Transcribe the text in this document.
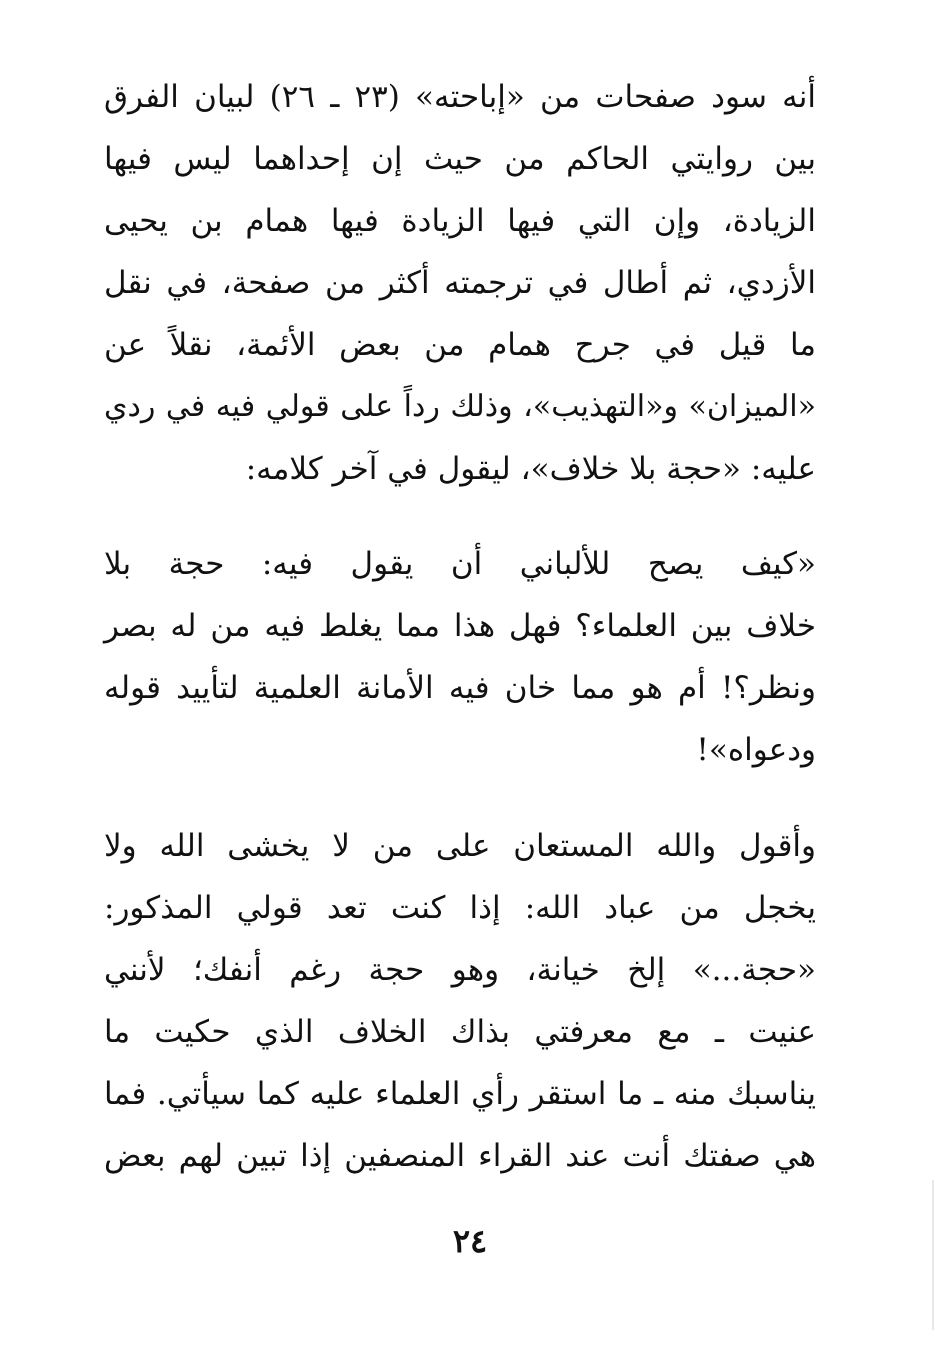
أنه سود صفحات من «إباحته» (٢٣ ـ ٢٦) لبيان الفرق
بين روايتي الحاكم من حيث إن إحداهما ليس فيها
الزيادة، وإن التي فيها الزيادة فيها همام بن يحيى
الأزدي، ثم أطال في ترجمته أكثر من صفحة، في نقل
ما قيل في جرح همام من بعض الأئمة، نقلاً عن
«الميزان» و«التهذيب»، وذلك رداً على قولي فيه في ردي
عليه: «حجة بلا خلاف»، ليقول في آخر كلامه:
«كيف يصح للألباني أن يقول فيه: حجة بلا
خلاف بين العلماء؟ فهل هذا مما يغلط فيه من له بصر
ونظر؟! أم هو مما خان فيه الأمانة العلمية لتأييد قوله
ودعواه»!
وأقول والله المستعان على من لا يخشى الله ولا
يخجل من عباد الله: إذا كنت تعد قولي المذكور:
«حجة...» إلخ خيانة، وهو حجة رغم أنفك؛ لأنني
عنيت ـ مع معرفتي بذاك الخلاف الذي حكيت ما
يناسبك منه ـ ما استقر رأي العلماء عليه كما سيأتي. فما
هي صفتك أنت عند القراء المنصفين إذا تبين لهم بعض
٢٤
